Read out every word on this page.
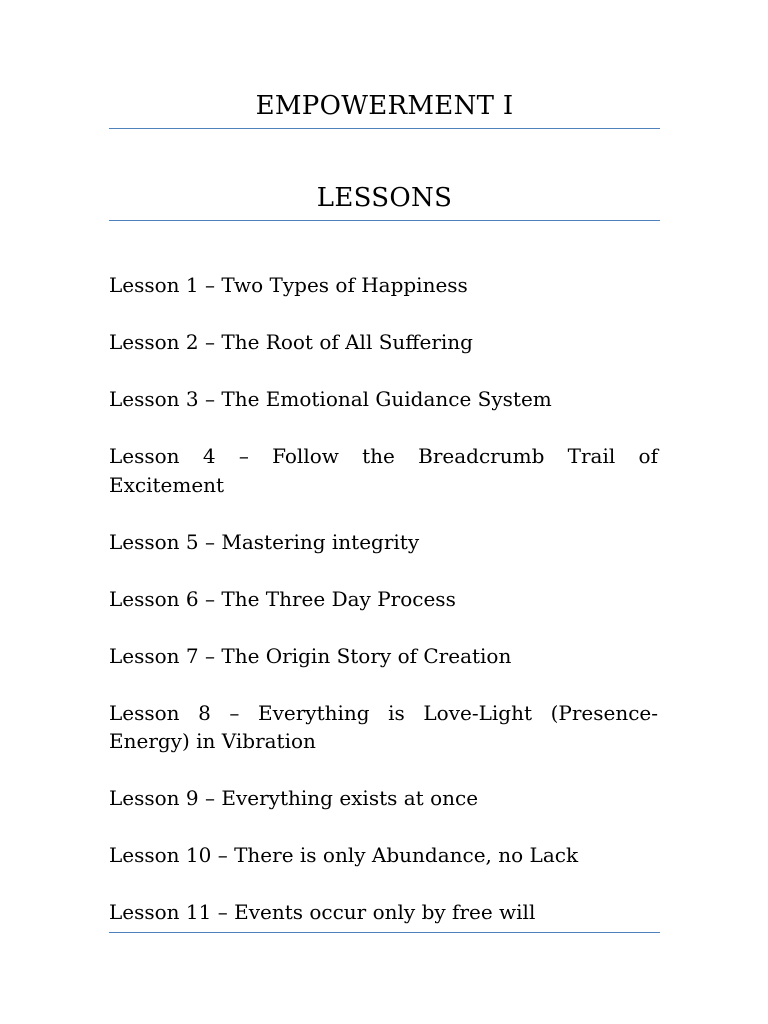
EMPOWERMENT I
LESSONS
Lesson 1 – Two Types of Happiness
Lesson 2 – The Root of All Suffering
Lesson 3 – The Emotional Guidance System
Lesson 4 – Follow the Breadcrumb Trail of Excitement
Lesson 5 – Mastering integrity
Lesson 6 – The Three Day Process
Lesson 7 – The Origin Story of Creation
Lesson 8 – Everything is Love-Light (Presence-Energy) in Vibration
Lesson 9 – Everything exists at once
Lesson 10 – There is only Abundance, no Lack
Lesson 11 – Events occur only by free will
